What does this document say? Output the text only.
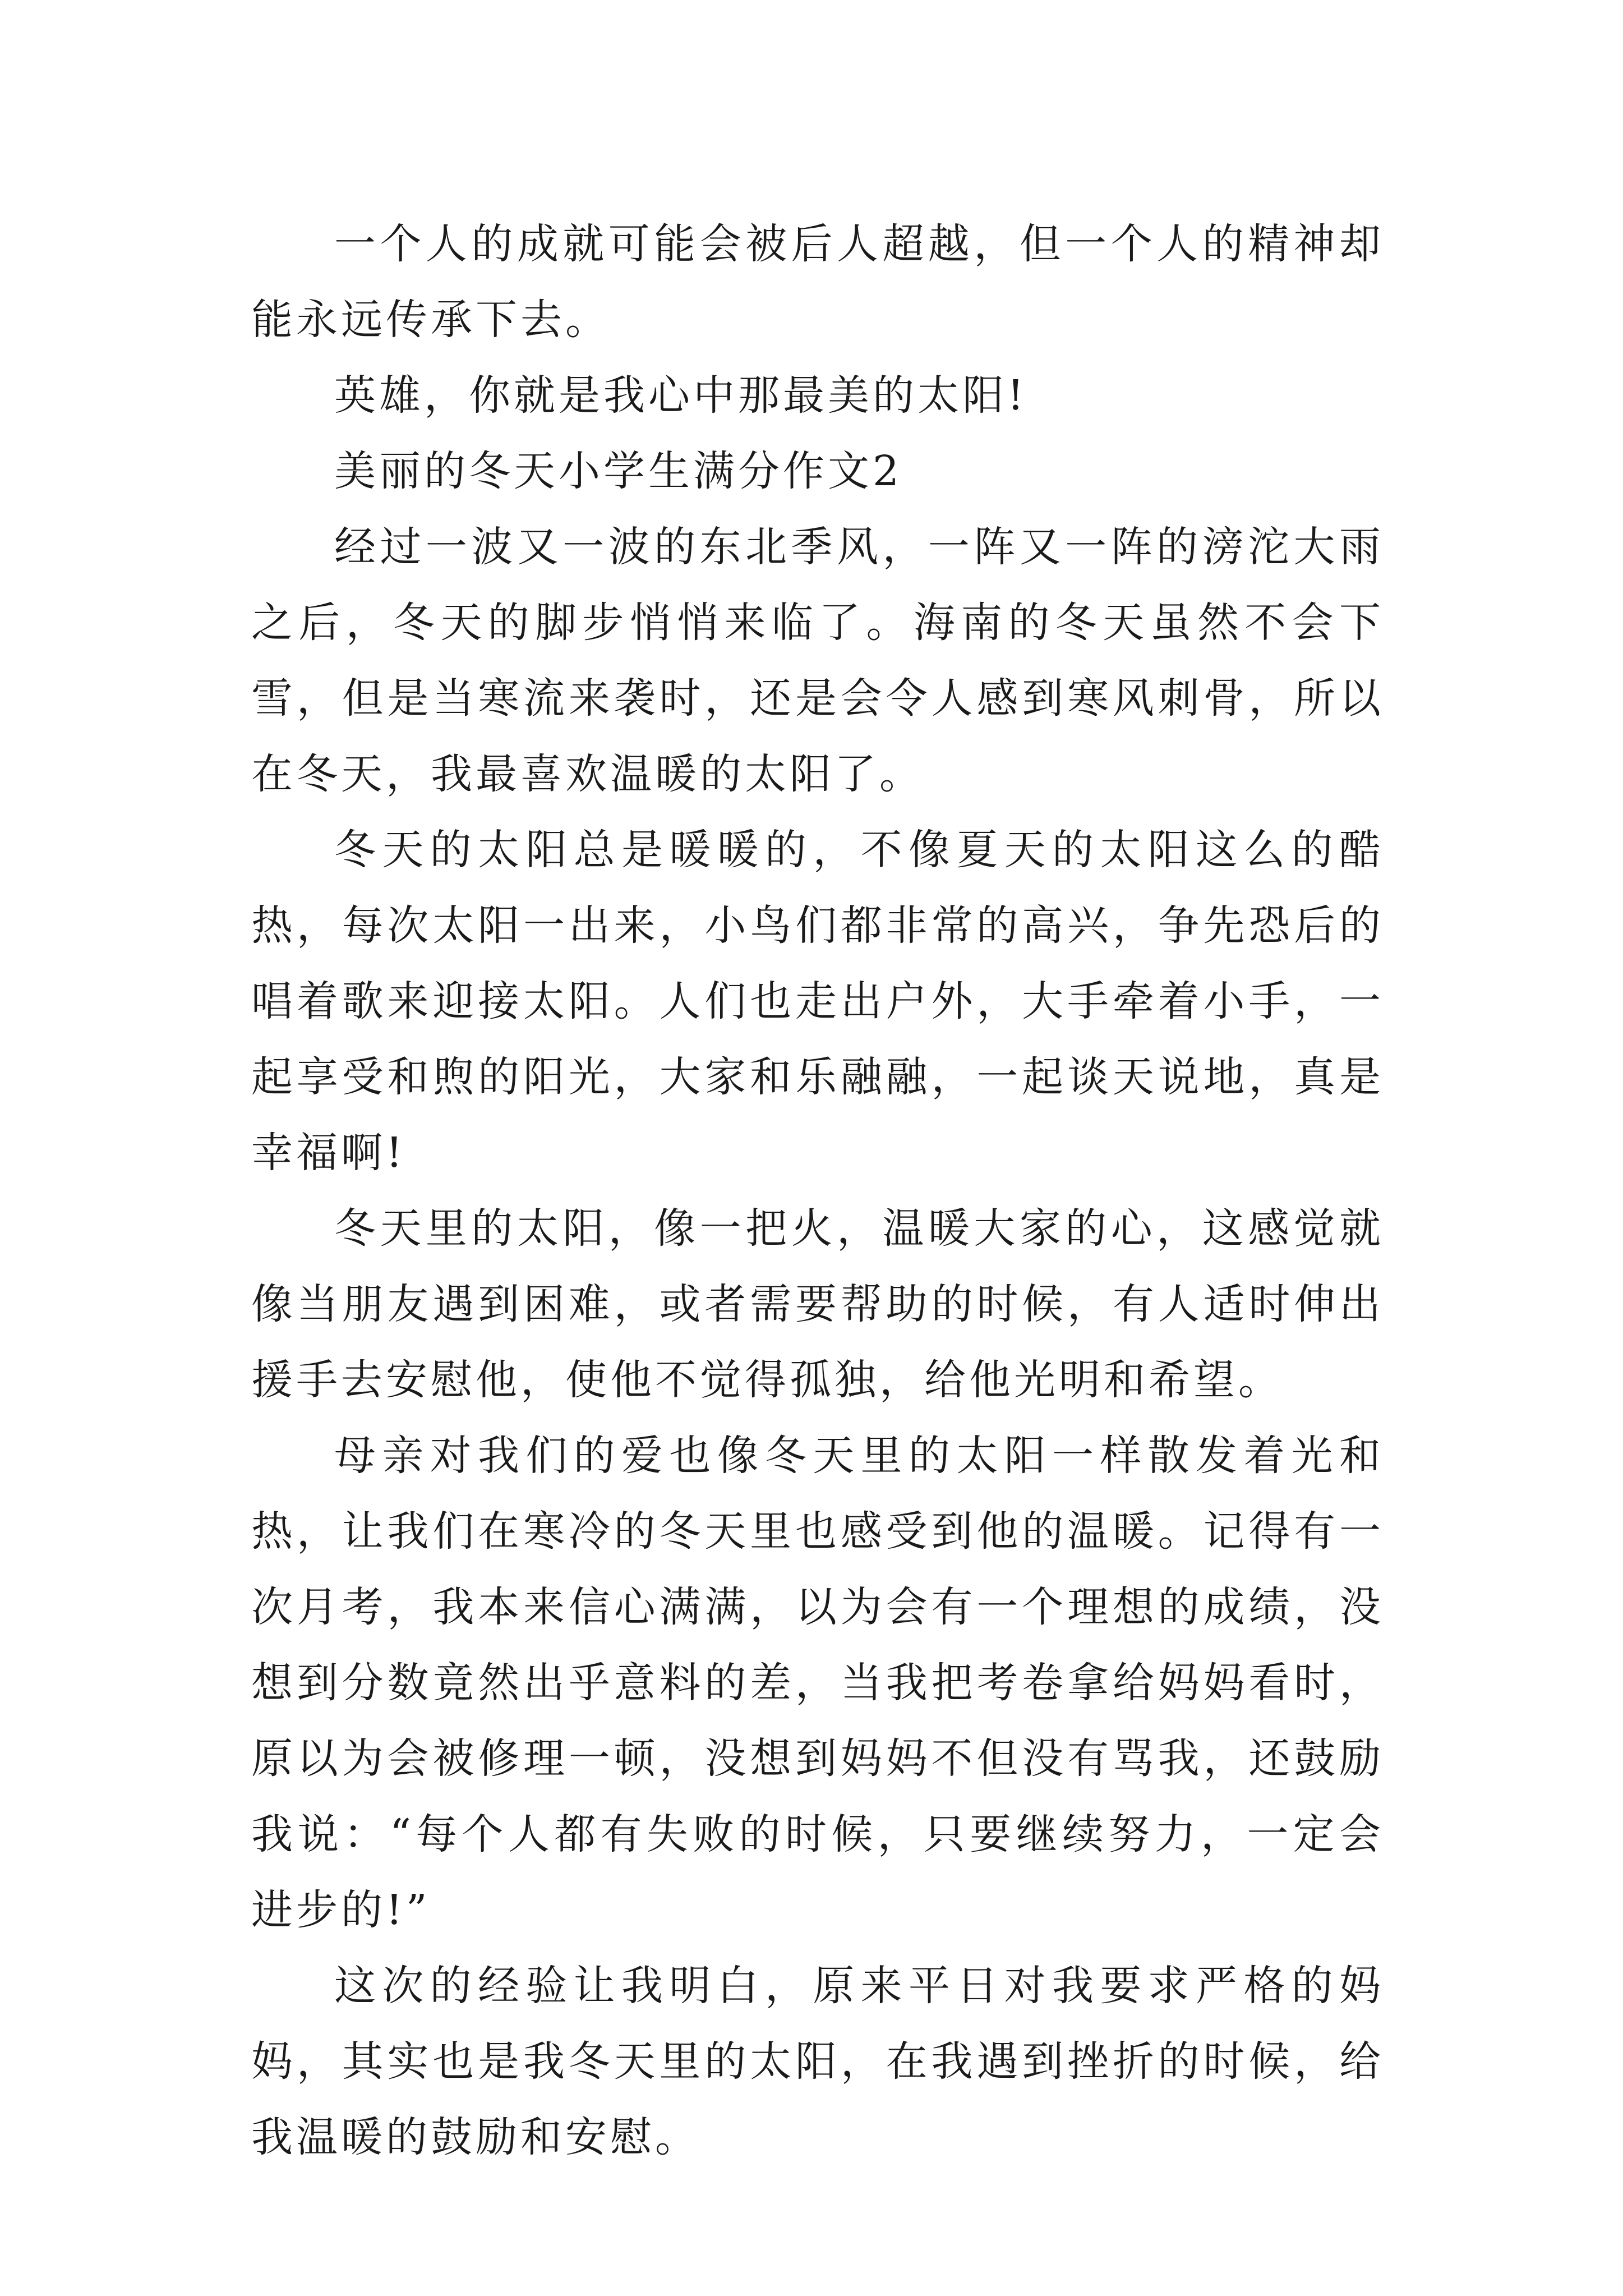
一个人的成就可能会被后人超越，但一个人的精神却能永远传承下去。

英雄，你就是我心中那最美的太阳!

美丽的冬天小学生满分作文2

经过一波又一波的东北季风，一阵又一阵的滂沱大雨之后，冬天的脚步悄悄来临了。海南的冬天虽然不会下雪，但是当寒流来袭时，还是会令人感到寒风刺骨，所以在冬天，我最喜欢温暖的太阳了。

冬天的太阳总是暖暖的，不像夏天的太阳这么的酷热，每次太阳一出来，小鸟们都非常的高兴，争先恐后的唱着歌来迎接太阳。人们也走出户外，大手牵着小手，一起享受和煦的阳光，大家和乐融融，一起谈天说地，真是幸福啊!

冬天里的太阳，像一把火，温暖大家的心，这感觉就像当朋友遇到困难，或者需要帮助的时候，有人适时伸出援手去安慰他，使他不觉得孤独，给他光明和希望。

母亲对我们的爱也像冬天里的太阳一样散发着光和热，让我们在寒冷的冬天里也感受到他的温暖。记得有一次月考，我本来信心满满，以为会有一个理想的成绩，没想到分数竟然出乎意料的差，当我把考卷拿给妈妈看时，原以为会被修理一顿，没想到妈妈不但没有骂我，还鼓励我说：“每个人都有失败的时候，只要继续努力，一定会进步的!”

这次的经验让我明白，原来平日对我要求严格的妈妈，其实也是我冬天里的太阳，在我遇到挫折的时候，给我温暖的鼓励和安慰。
